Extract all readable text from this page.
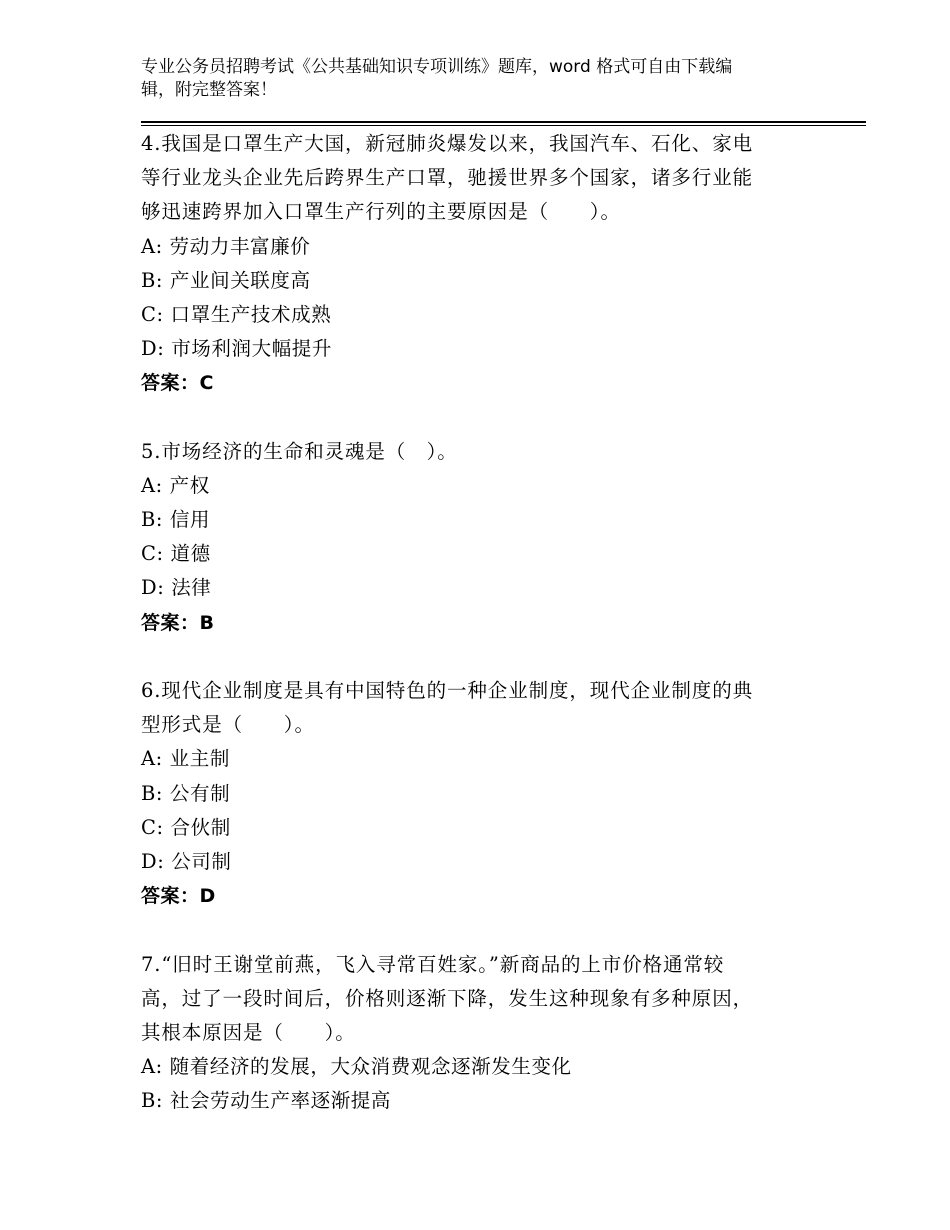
专业公务员招聘考试《公共基础知识专项训练》题库，word 格式可自由下载编
辑，附完整答案！
4.我国是口罩生产大国，新冠肺炎爆发以来，我国汽车、石化、家电
等行业龙头企业先后跨界生产口罩，驰援世界多个国家，诸多行业能
够迅速跨界加入口罩生产行列的主要原因是（　　）。
A: 劳动力丰富廉价
B: 产业间关联度高
C: 口罩生产技术成熟
D: 市场利润大幅提升
答案：C
5.市场经济的生命和灵魂是（　）。
A: 产权
B: 信用
C: 道德
D: 法律
答案：B
6.现代企业制度是具有中国特色的一种企业制度，现代企业制度的典
型形式是（　　）。
A: 业主制
B: 公有制
C: 合伙制
D: 公司制
答案：D
7.“旧时王谢堂前燕，飞入寻常百姓家。”新商品的上市价格通常较
高，过了一段时间后，价格则逐渐下降，发生这种现象有多种原因，
其根本原因是（　　）。
A: 随着经济的发展，大众消费观念逐渐发生变化
B: 社会劳动生产率逐渐提高
